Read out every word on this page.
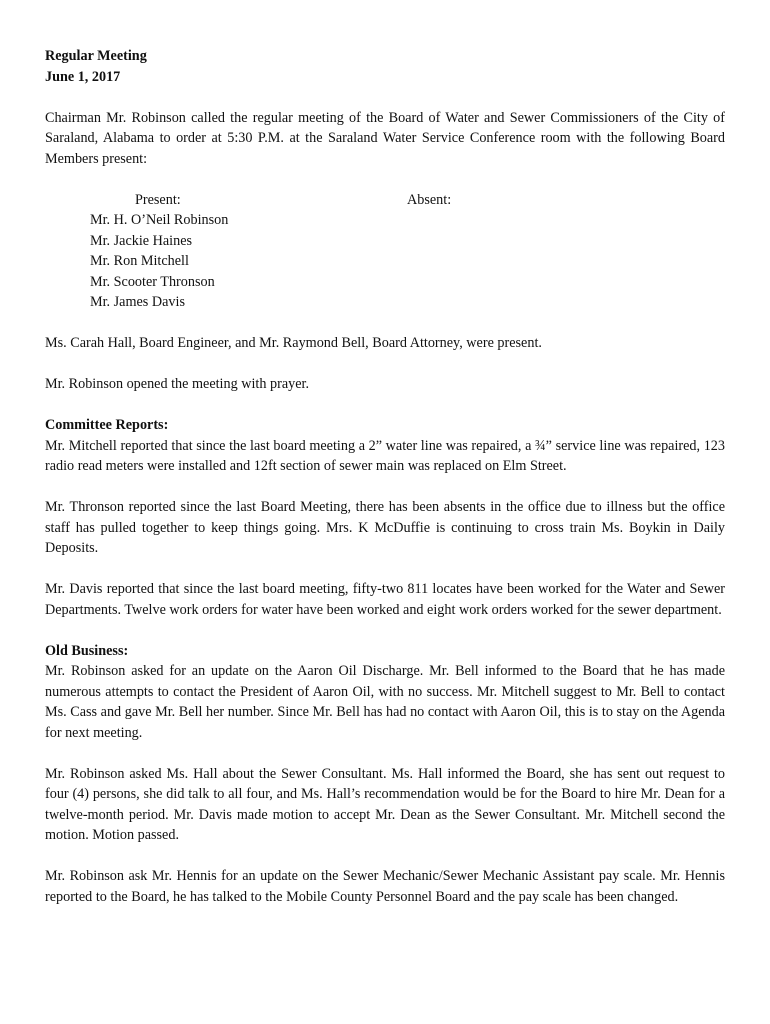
Regular Meeting
June 1, 2017

Chairman Mr. Robinson called the regular meeting of the Board of Water and Sewer Commissioners of the City of Saraland, Alabama to order at 5:30 P.M. at the Saraland Water Service Conference room with the following Board Members present:

Present:
Mr. H. O’Neil Robinson
Mr. Jackie Haines
Mr. Ron Mitchell
Mr. Scooter Thronson
Mr. James Davis
Absent:

Ms. Carah Hall, Board Engineer, and Mr. Raymond Bell, Board Attorney, were present.

Mr. Robinson opened the meeting with prayer.

Committee Reports:

Mr. Mitchell reported that since the last board meeting a 2” water line was repaired, a ¾” service line was repaired, 123 radio read meters were installed and 12ft section of sewer main was replaced on Elm Street.

Mr. Thronson reported since the last Board Meeting, there has been absents in the office due to illness but the office staff has pulled together to keep things going. Mrs. K McDuffie is continuing to cross train Ms. Boykin in Daily Deposits.

Mr. Davis reported that since the last board meeting, fifty-two 811 locates have been worked for the Water and Sewer Departments. Twelve work orders for water have been worked and eight work orders worked for the sewer department.

Old Business:

Mr. Robinson asked for an update on the Aaron Oil Discharge. Mr. Bell informed to the Board that he has made numerous attempts to contact the President of Aaron Oil, with no success. Mr. Mitchell suggest to Mr. Bell to contact Ms. Cass and gave Mr. Bell her number. Since Mr. Bell has had no contact with Aaron Oil, this is to stay on the Agenda for next meeting.

Mr. Robinson asked Ms. Hall about the Sewer Consultant. Ms. Hall informed the Board, she has sent out request to four (4) persons, she did talk to all four, and Ms. Hall’s recommendation would be for the Board to hire Mr. Dean for a twelve-month period. Mr. Davis made motion to accept Mr. Dean as the Sewer Consultant. Mr. Mitchell second the motion. Motion passed.

Mr. Robinson ask Mr. Hennis for an update on the Sewer Mechanic/Sewer Mechanic Assistant pay scale. Mr. Hennis reported to the Board, he has talked to the Mobile County Personnel Board and the pay scale has been changed.
